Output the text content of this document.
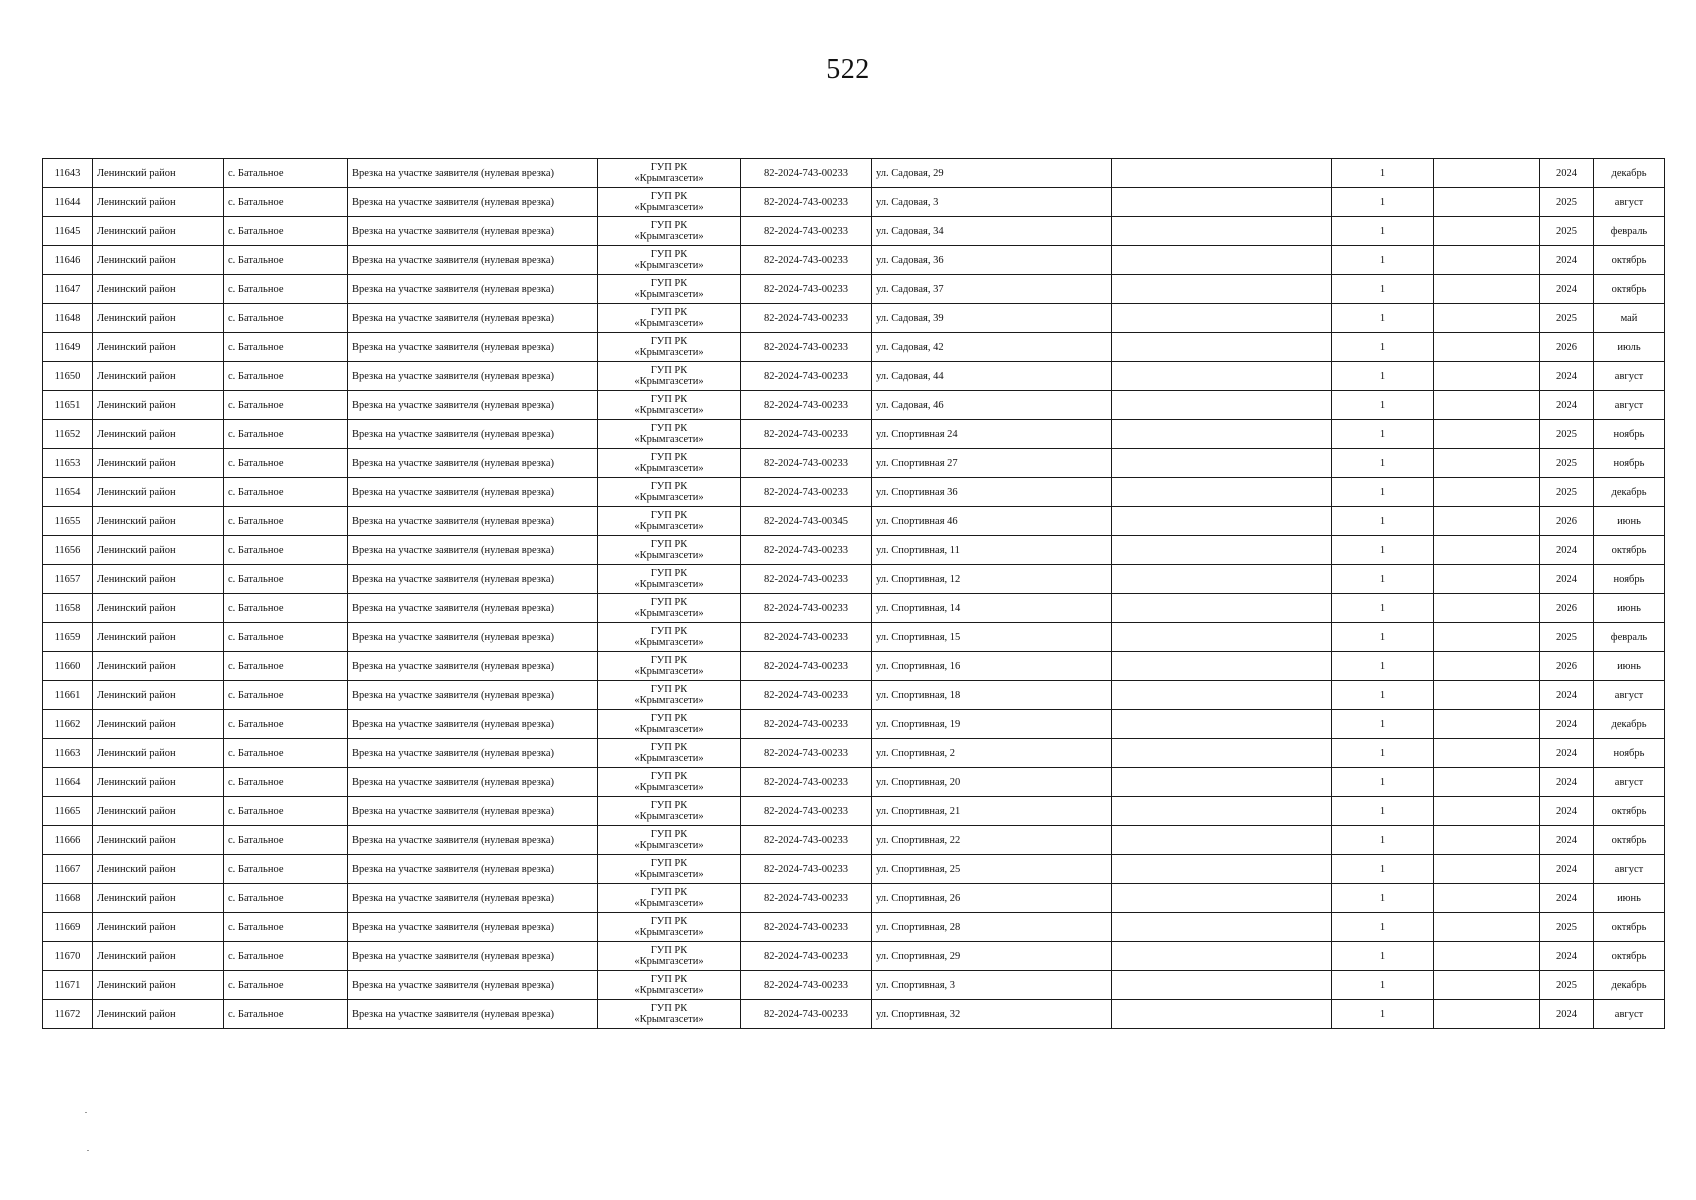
522
11643	Ленинский район	с. Батальное	Врезка на участке заявителя (нулевая врезка)	ГУП РК
«Крымгазсети»	82-2024-743-00233	ул. Садовая, 29		1		2024	декабрь
11644	Ленинский район	с. Батальное	Врезка на участке заявителя (нулевая врезка)	ГУП РК
«Крымгазсети»	82-2024-743-00233	ул. Садовая, 3		1		2025	август
11645	Ленинский район	с. Батальное	Врезка на участке заявителя (нулевая врезка)	ГУП РК
«Крымгазсети»	82-2024-743-00233	ул. Садовая, 34		1		2025	февраль
11646	Ленинский район	с. Батальное	Врезка на участке заявителя (нулевая врезка)	ГУП РК
«Крымгазсети»	82-2024-743-00233	ул. Садовая, 36		1		2024	октябрь
11647	Ленинский район	с. Батальное	Врезка на участке заявителя (нулевая врезка)	ГУП РК
«Крымгазсети»	82-2024-743-00233	ул. Садовая, 37		1		2024	октябрь
11648	Ленинский район	с. Батальное	Врезка на участке заявителя (нулевая врезка)	ГУП РК
«Крымгазсети»	82-2024-743-00233	ул. Садовая, 39		1		2025	май
11649	Ленинский район	с. Батальное	Врезка на участке заявителя (нулевая врезка)	ГУП РК
«Крымгазсети»	82-2024-743-00233	ул. Садовая, 42		1		2026	июль
11650	Ленинский район	с. Батальное	Врезка на участке заявителя (нулевая врезка)	ГУП РК
«Крымгазсети»	82-2024-743-00233	ул. Садовая, 44		1		2024	август
11651	Ленинский район	с. Батальное	Врезка на участке заявителя (нулевая врезка)	ГУП РК
«Крымгазсети»	82-2024-743-00233	ул. Садовая, 46		1		2024	август
11652	Ленинский район	с. Батальное	Врезка на участке заявителя (нулевая врезка)	ГУП РК
«Крымгазсети»	82-2024-743-00233	ул. Спортивная 24		1		2025	ноябрь
11653	Ленинский район	с. Батальное	Врезка на участке заявителя (нулевая врезка)	ГУП РК
«Крымгазсети»	82-2024-743-00233	ул. Спортивная 27		1		2025	ноябрь
11654	Ленинский район	с. Батальное	Врезка на участке заявителя (нулевая врезка)	ГУП РК
«Крымгазсети»	82-2024-743-00233	ул. Спортивная 36		1		2025	декабрь
11655	Ленинский район	с. Батальное	Врезка на участке заявителя (нулевая врезка)	ГУП РК
«Крымгазсети»	82-2024-743-00345	ул. Спортивная 46		1		2026	июнь
11656	Ленинский район	с. Батальное	Врезка на участке заявителя (нулевая врезка)	ГУП РК
«Крымгазсети»	82-2024-743-00233	ул. Спортивная, 11		1		2024	октябрь
11657	Ленинский район	с. Батальное	Врезка на участке заявителя (нулевая врезка)	ГУП РК
«Крымгазсети»	82-2024-743-00233	ул. Спортивная, 12		1		2024	ноябрь
11658	Ленинский район	с. Батальное	Врезка на участке заявителя (нулевая врезка)	ГУП РК
«Крымгазсети»	82-2024-743-00233	ул. Спортивная, 14		1		2026	июнь
11659	Ленинский район	с. Батальное	Врезка на участке заявителя (нулевая врезка)	ГУП РК
«Крымгазсети»	82-2024-743-00233	ул. Спортивная, 15		1		2025	февраль
11660	Ленинский район	с. Батальное	Врезка на участке заявителя (нулевая врезка)	ГУП РК
«Крымгазсети»	82-2024-743-00233	ул. Спортивная, 16		1		2026	июнь
11661	Ленинский район	с. Батальное	Врезка на участке заявителя (нулевая врезка)	ГУП РК
«Крымгазсети»	82-2024-743-00233	ул. Спортивная, 18		1		2024	август
11662	Ленинский район	с. Батальное	Врезка на участке заявителя (нулевая врезка)	ГУП РК
«Крымгазсети»	82-2024-743-00233	ул. Спортивная, 19		1		2024	декабрь
11663	Ленинский район	с. Батальное	Врезка на участке заявителя (нулевая врезка)	ГУП РК
«Крымгазсети»	82-2024-743-00233	ул. Спортивная, 2		1		2024	ноябрь
11664	Ленинский район	с. Батальное	Врезка на участке заявителя (нулевая врезка)	ГУП РК
«Крымгазсети»	82-2024-743-00233	ул. Спортивная, 20		1		2024	август
11665	Ленинский район	с. Батальное	Врезка на участке заявителя (нулевая врезка)	ГУП РК
«Крымгазсети»	82-2024-743-00233	ул. Спортивная, 21		1		2024	октябрь
11666	Ленинский район	с. Батальное	Врезка на участке заявителя (нулевая врезка)	ГУП РК
«Крымгазсети»	82-2024-743-00233	ул. Спортивная, 22		1		2024	октябрь
11667	Ленинский район	с. Батальное	Врезка на участке заявителя (нулевая врезка)	ГУП РК
«Крымгазсети»	82-2024-743-00233	ул. Спортивная, 25		1		2024	август
11668	Ленинский район	с. Батальное	Врезка на участке заявителя (нулевая врезка)	ГУП РК
«Крымгазсети»	82-2024-743-00233	ул. Спортивная, 26		1		2024	июнь
11669	Ленинский район	с. Батальное	Врезка на участке заявителя (нулевая врезка)	ГУП РК
«Крымгазсети»	82-2024-743-00233	ул. Спортивная, 28		1		2025	октябрь
11670	Ленинский район	с. Батальное	Врезка на участке заявителя (нулевая врезка)	ГУП РК
«Крымгазсети»	82-2024-743-00233	ул. Спортивная, 29		1		2024	октябрь
11671	Ленинский район	с. Батальное	Врезка на участке заявителя (нулевая врезка)	ГУП РК
«Крымгазсети»	82-2024-743-00233	ул. Спортивная, 3		1		2025	декабрь
11672	Ленинский район	с. Батальное	Врезка на участке заявителя (нулевая врезка)	ГУП РК
«Крымгазсети»	82-2024-743-00233	ул. Спортивная, 32		1		2024	август
